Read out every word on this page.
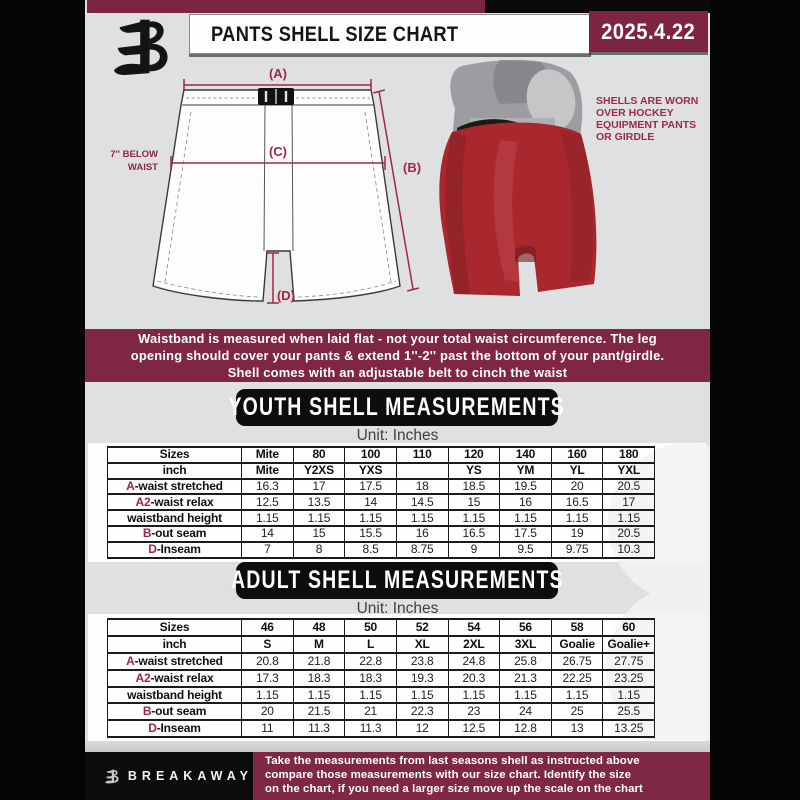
PANTS SHELL SIZE CHART	2025.4.22
(A)
(B)
(C)
(D)
7'' BELOW
WAIST
SHELLS ARE WORN
OVER HOCKEY
EQUIPMENT PANTS
OR GIRDLE
Waistband is measured when laid flat - not your total waist circumference. The leg
opening should cover your pants & extend 1''-2'' past the bottom of your pant/girdle.
Shell comes with an adjustable belt to cinch the waist
YOUTH SHELL MEASUREMENTS
Unit: Inches
Sizes	Mite	80	100	110	120	140	160	180
inch	Mite	Y2XS	YXS		YS	YM	YL	YXL
A-waist stretched	16.3	17	17.5	18	18.5	19.5	20	20.5
A2-waist relax	12.5	13.5	14	14.5	15	16	16.5	17
waistband height	1.15	1.15	1.15	1.15	1.15	1.15	1.15	1.15
B-out seam	14	15	15.5	16	16.5	17.5	19	20.5
D-Inseam	7	8	8.5	8.75	9	9.5	9.75	10.3
ADULT SHELL MEASUREMENTS
Unit: Inches
Sizes	46	48	50	52	54	56	58	60
inch	S	M	L	XL	2XL	3XL	Goalie	Goalie+
A-waist stretched	20.8	21.8	22.8	23.8	24.8	25.8	26.75	27.75
A2-waist relax	17.3	18.3	18.3	19.3	20.3	21.3	22.25	23.25
waistband height	1.15	1.15	1.15	1.15	1.15	1.15	1.15	1.15
B-out seam	20	21.5	21	22.3	23	24	25	25.5
D-Inseam	11	11.3	11.3	12	12.5	12.8	13	13.25
BREAKAWAY
Take the measurements from last seasons shell as instructed above
compare those measurements with our size chart. Identify the size
on the chart, if you need a larger size move up the scale on the chart
